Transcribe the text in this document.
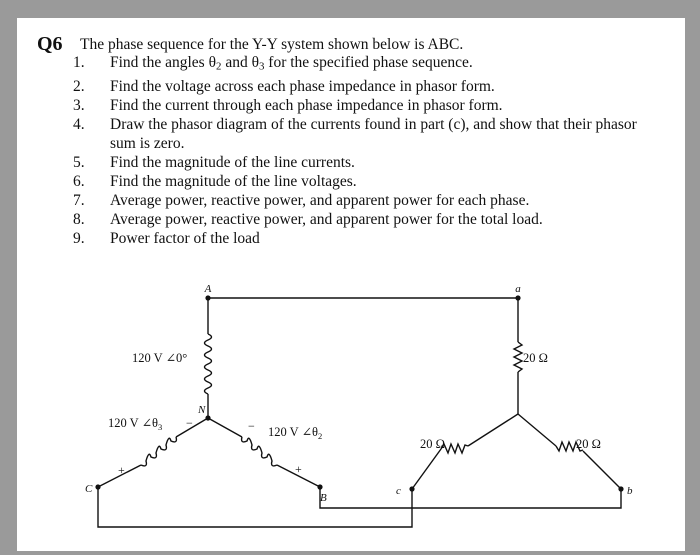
Q6 The phase sequence for the Y-Y system shown below is ABC.
1.	Find the angles $\theta_2$ and $\theta_3$ for the specified phase sequence.
2.	Find the voltage across each phase impedance in phasor form.
3.	Find the current through each phase impedance in phasor form.
4.	Draw the phasor diagram of the currents found in part (c), and show that their phasor sum is zero.
5.	Find the magnitude of the line currents.
6.	Find the magnitude of the line voltages.
7.	Average power, reactive power, and apparent power for each phase.
8.	Average power, reactive power, and apparent power for the total load.
9.	Power factor of the load
A	a
N
C
B
c	b
120 V ∠0°
120 V $\angle\theta_3$ −
+
120 V $\angle\theta_2$
−
+
20 Ω
20 Ω	20 Ω
